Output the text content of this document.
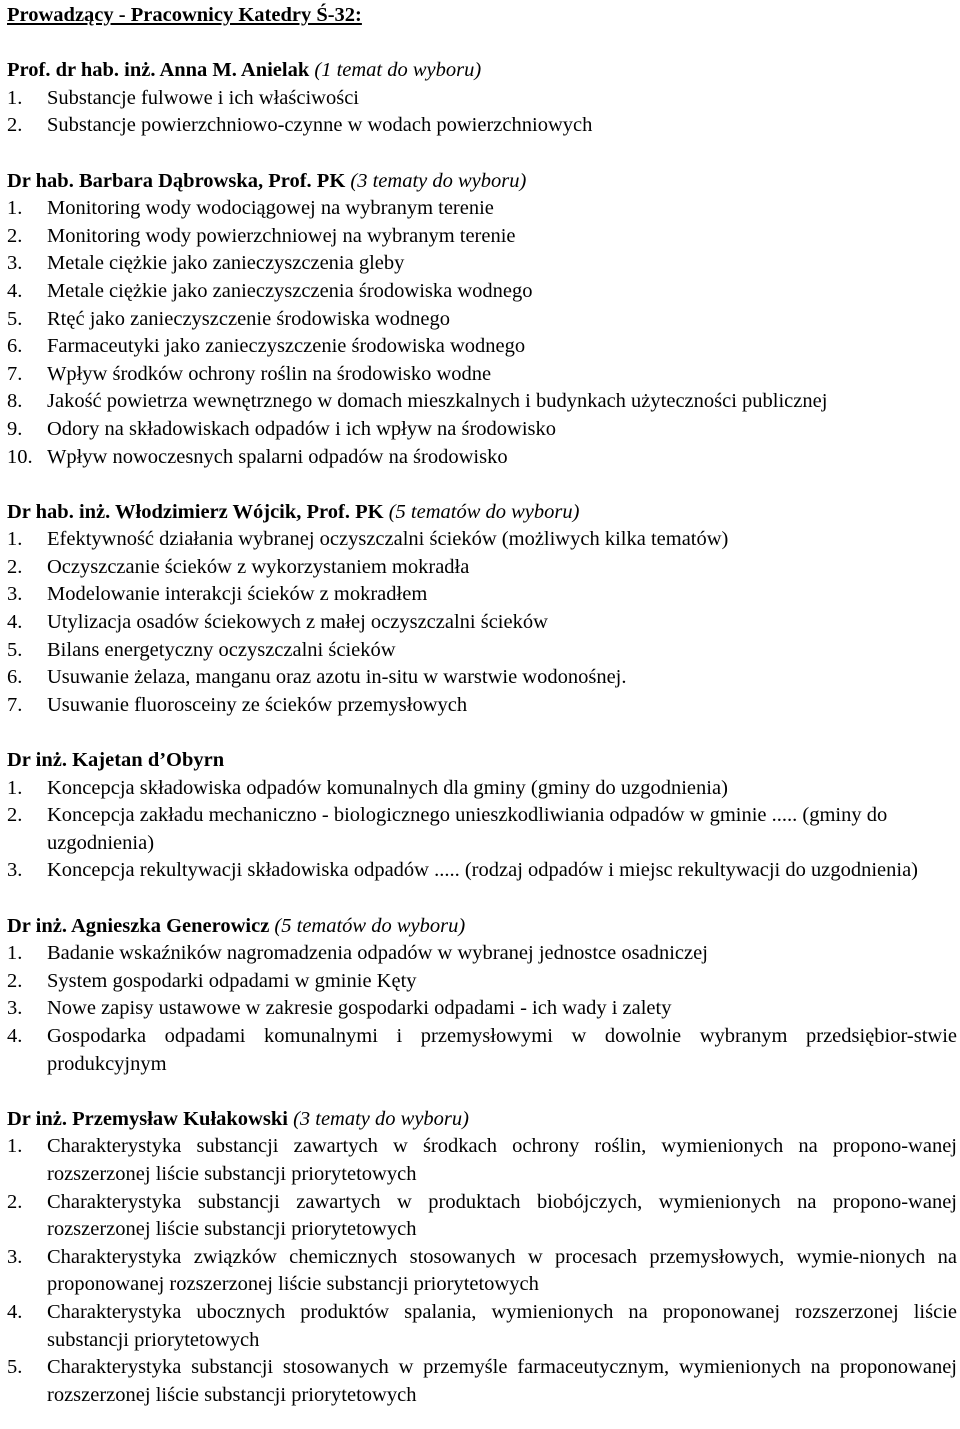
Prowadzący - Pracownicy Katedry Ś-32:
Prof. dr hab. inż. Anna M. Anielak (1 temat do wyboru)
1. Substancje fulwowe i ich właściwości
2. Substancje powierzchniowo-czynne w wodach powierzchniowych
Dr hab. Barbara Dąbrowska, Prof. PK (3 tematy do wyboru)
1. Monitoring wody wodociągowej na wybranym terenie
2. Monitoring wody powierzchniowej na wybranym terenie
3. Metale ciężkie jako zanieczyszczenia gleby
4. Metale ciężkie jako zanieczyszczenia środowiska wodnego
5. Rtęć jako zanieczyszczenie środowiska wodnego
6. Farmaceutyki jako zanieczyszczenie środowiska wodnego
7. Wpływ środków ochrony roślin na środowisko wodne
8. Jakość powietrza wewnętrznego w domach mieszkalnych i budynkach użyteczności publicznej
9. Odory na składowiskach odpadów i ich wpływ na środowisko
10. Wpływ nowoczesnych spalarni odpadów na środowisko
Dr hab. inż. Włodzimierz Wójcik, Prof. PK (5 tematów do wyboru)
1. Efektywność działania wybranej oczyszczalni ścieków (możliwych kilka tematów)
2. Oczyszczanie ścieków z wykorzystaniem mokradła
3. Modelowanie interakcji ścieków z mokradłem
4. Utylizacja osadów ściekowych z małej oczyszczalni ścieków
5. Bilans energetyczny oczyszczalni ścieków
6. Usuwanie żelaza, manganu oraz azotu in-situ w warstwie wodonośnej.
7. Usuwanie fluorosceiny ze ścieków przemysłowych
Dr inż. Kajetan d’Obyrn
1. Koncepcja składowiska odpadów komunalnych dla gminy (gminy do uzgodnienia)
2. Koncepcja zakładu mechaniczno - biologicznego unieszkodliwiania odpadów w gminie ..... (gminy do uzgodnienia)
3. Koncepcja rekultywacji składowiska odpadów ..... (rodzaj odpadów i miejsc rekultywacji do uzgodnienia)
Dr inż. Agnieszka Generowicz (5 tematów do wyboru)
1. Badanie wskaźników nagromadzenia odpadów w wybranej jednostce osadniczej
2. System gospodarki odpadami w gminie Kęty
3. Nowe zapisy ustawowe w zakresie gospodarki odpadami - ich wady i zalety
4. Gospodarka odpadami komunalnymi i przemysłowymi w dowolnie wybranym przedsiębior-stwie produkcyjnym
Dr inż. Przemysław Kułakowski (3 tematy do wyboru)
1. Charakterystyka substancji zawartych w środkach ochrony roślin, wymienionych na propono-wanej rozszerzonej liście substancji priorytetowych
2. Charakterystyka substancji zawartych w produktach biobójczych, wymienionych na propono-wanej rozszerzonej liście substancji priorytetowych
3. Charakterystyka związków chemicznych stosowanych w procesach przemysłowych, wymie-nionych na proponowanej rozszerzonej liście substancji priorytetowych
4. Charakterystyka ubocznych produktów spalania, wymienionych na proponowanej rozszerzonej liście substancji priorytetowych
5. Charakterystyka substancji stosowanych w przemyśle farmaceutycznym, wymienionych na proponowanej rozszerzonej liście substancji priorytetowych
